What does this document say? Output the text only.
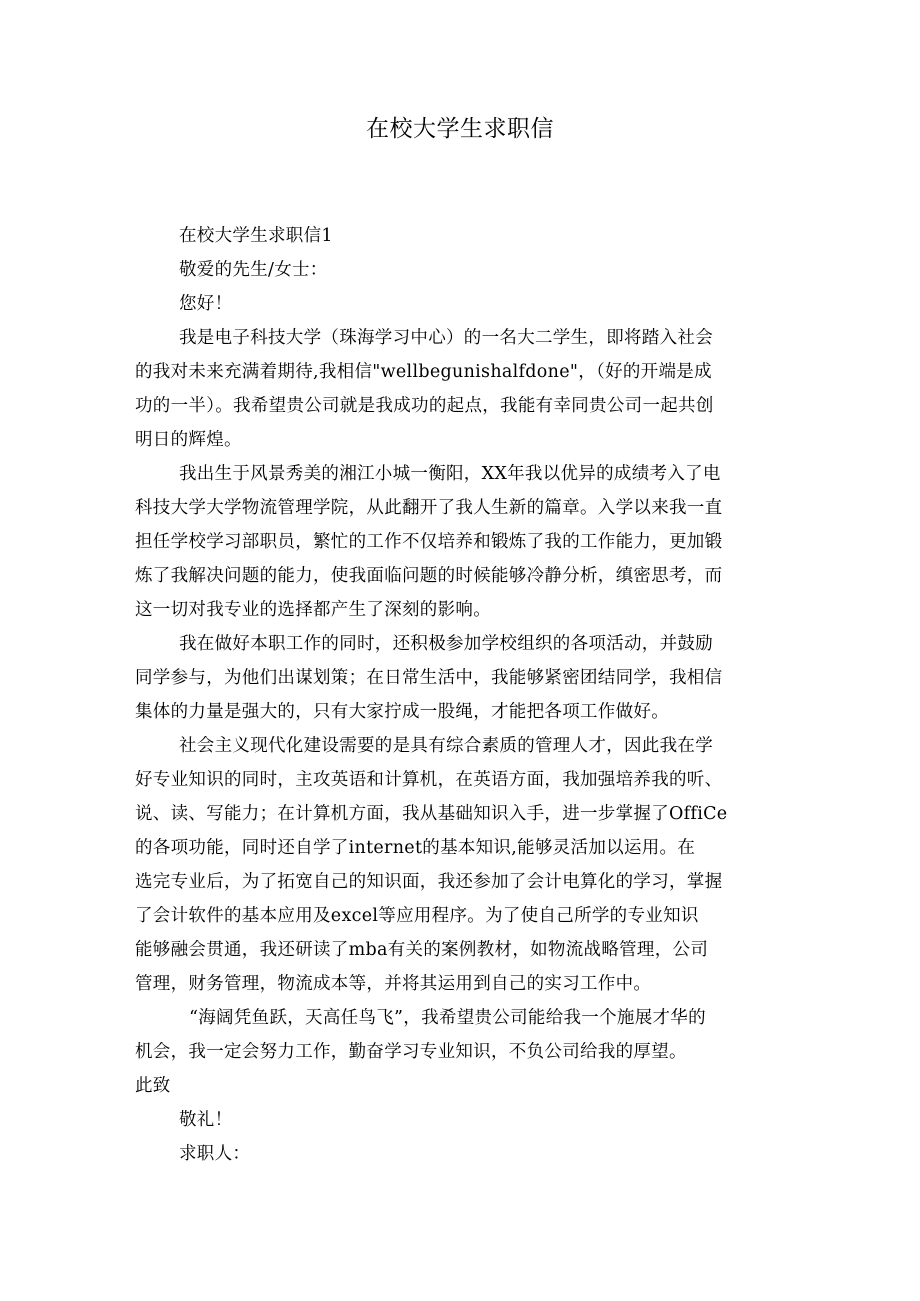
在校大学生求职信
在校大学生求职信1
敬爱的先生/女士：
您好！
我是电子科技大学（珠海学习中心）的一名大二学生，即将踏入社会
的我对未来充满着期待,我相信"wellbegunishalfdone"，（好的开端是成
功的一半）。我希望贵公司就是我成功的起点，我能有幸同贵公司一起共创
明日的辉煌。
我出生于风景秀美的湘江小城一衡阳，XX年我以优异的成绩考入了电
科技大学大学物流管理学院，从此翻开了我人生新的篇章。入学以来我一直
担任学校学习部职员，繁忙的工作不仅培养和锻炼了我的工作能力，更加锻
炼了我解决问题的能力，使我面临问题的时候能够冷静分析，缜密思考，而
这一切对我专业的选择都产生了深刻的影响。
我在做好本职工作的同时，还积极参加学校组织的各项活动，并鼓励
同学参与，为他们出谋划策；在日常生活中，我能够紧密团结同学，我相信
集体的力量是强大的，只有大家拧成一股绳，才能把各项工作做好。
社会主义现代化建设需要的是具有综合素质的管理人才，因此我在学
好专业知识的同时，主攻英语和计算机，在英语方面，我加强培养我的听、
说、读、写能力；在计算机方面，我从基础知识入手，进一步掌握了OffiCe
的各项功能，同时还自学了internet的基本知识,能够灵活加以运用。在
选完专业后，为了拓宽自己的知识面，我还参加了会计电算化的学习，掌握
了会计软件的基本应用及excel等应用程序。为了使自己所学的专业知识
能够融会贯通，我还研读了mba有关的案例教材，如物流战略管理，公司
管理，财务管理，物流成本等，并将其运用到自己的实习工作中。
“海阔凭鱼跃，天高任鸟飞”，我希望贵公司能给我一个施展才华的
机会，我一定会努力工作，勤奋学习专业知识，不负公司给我的厚望。
此致
敬礼！
求职人：
